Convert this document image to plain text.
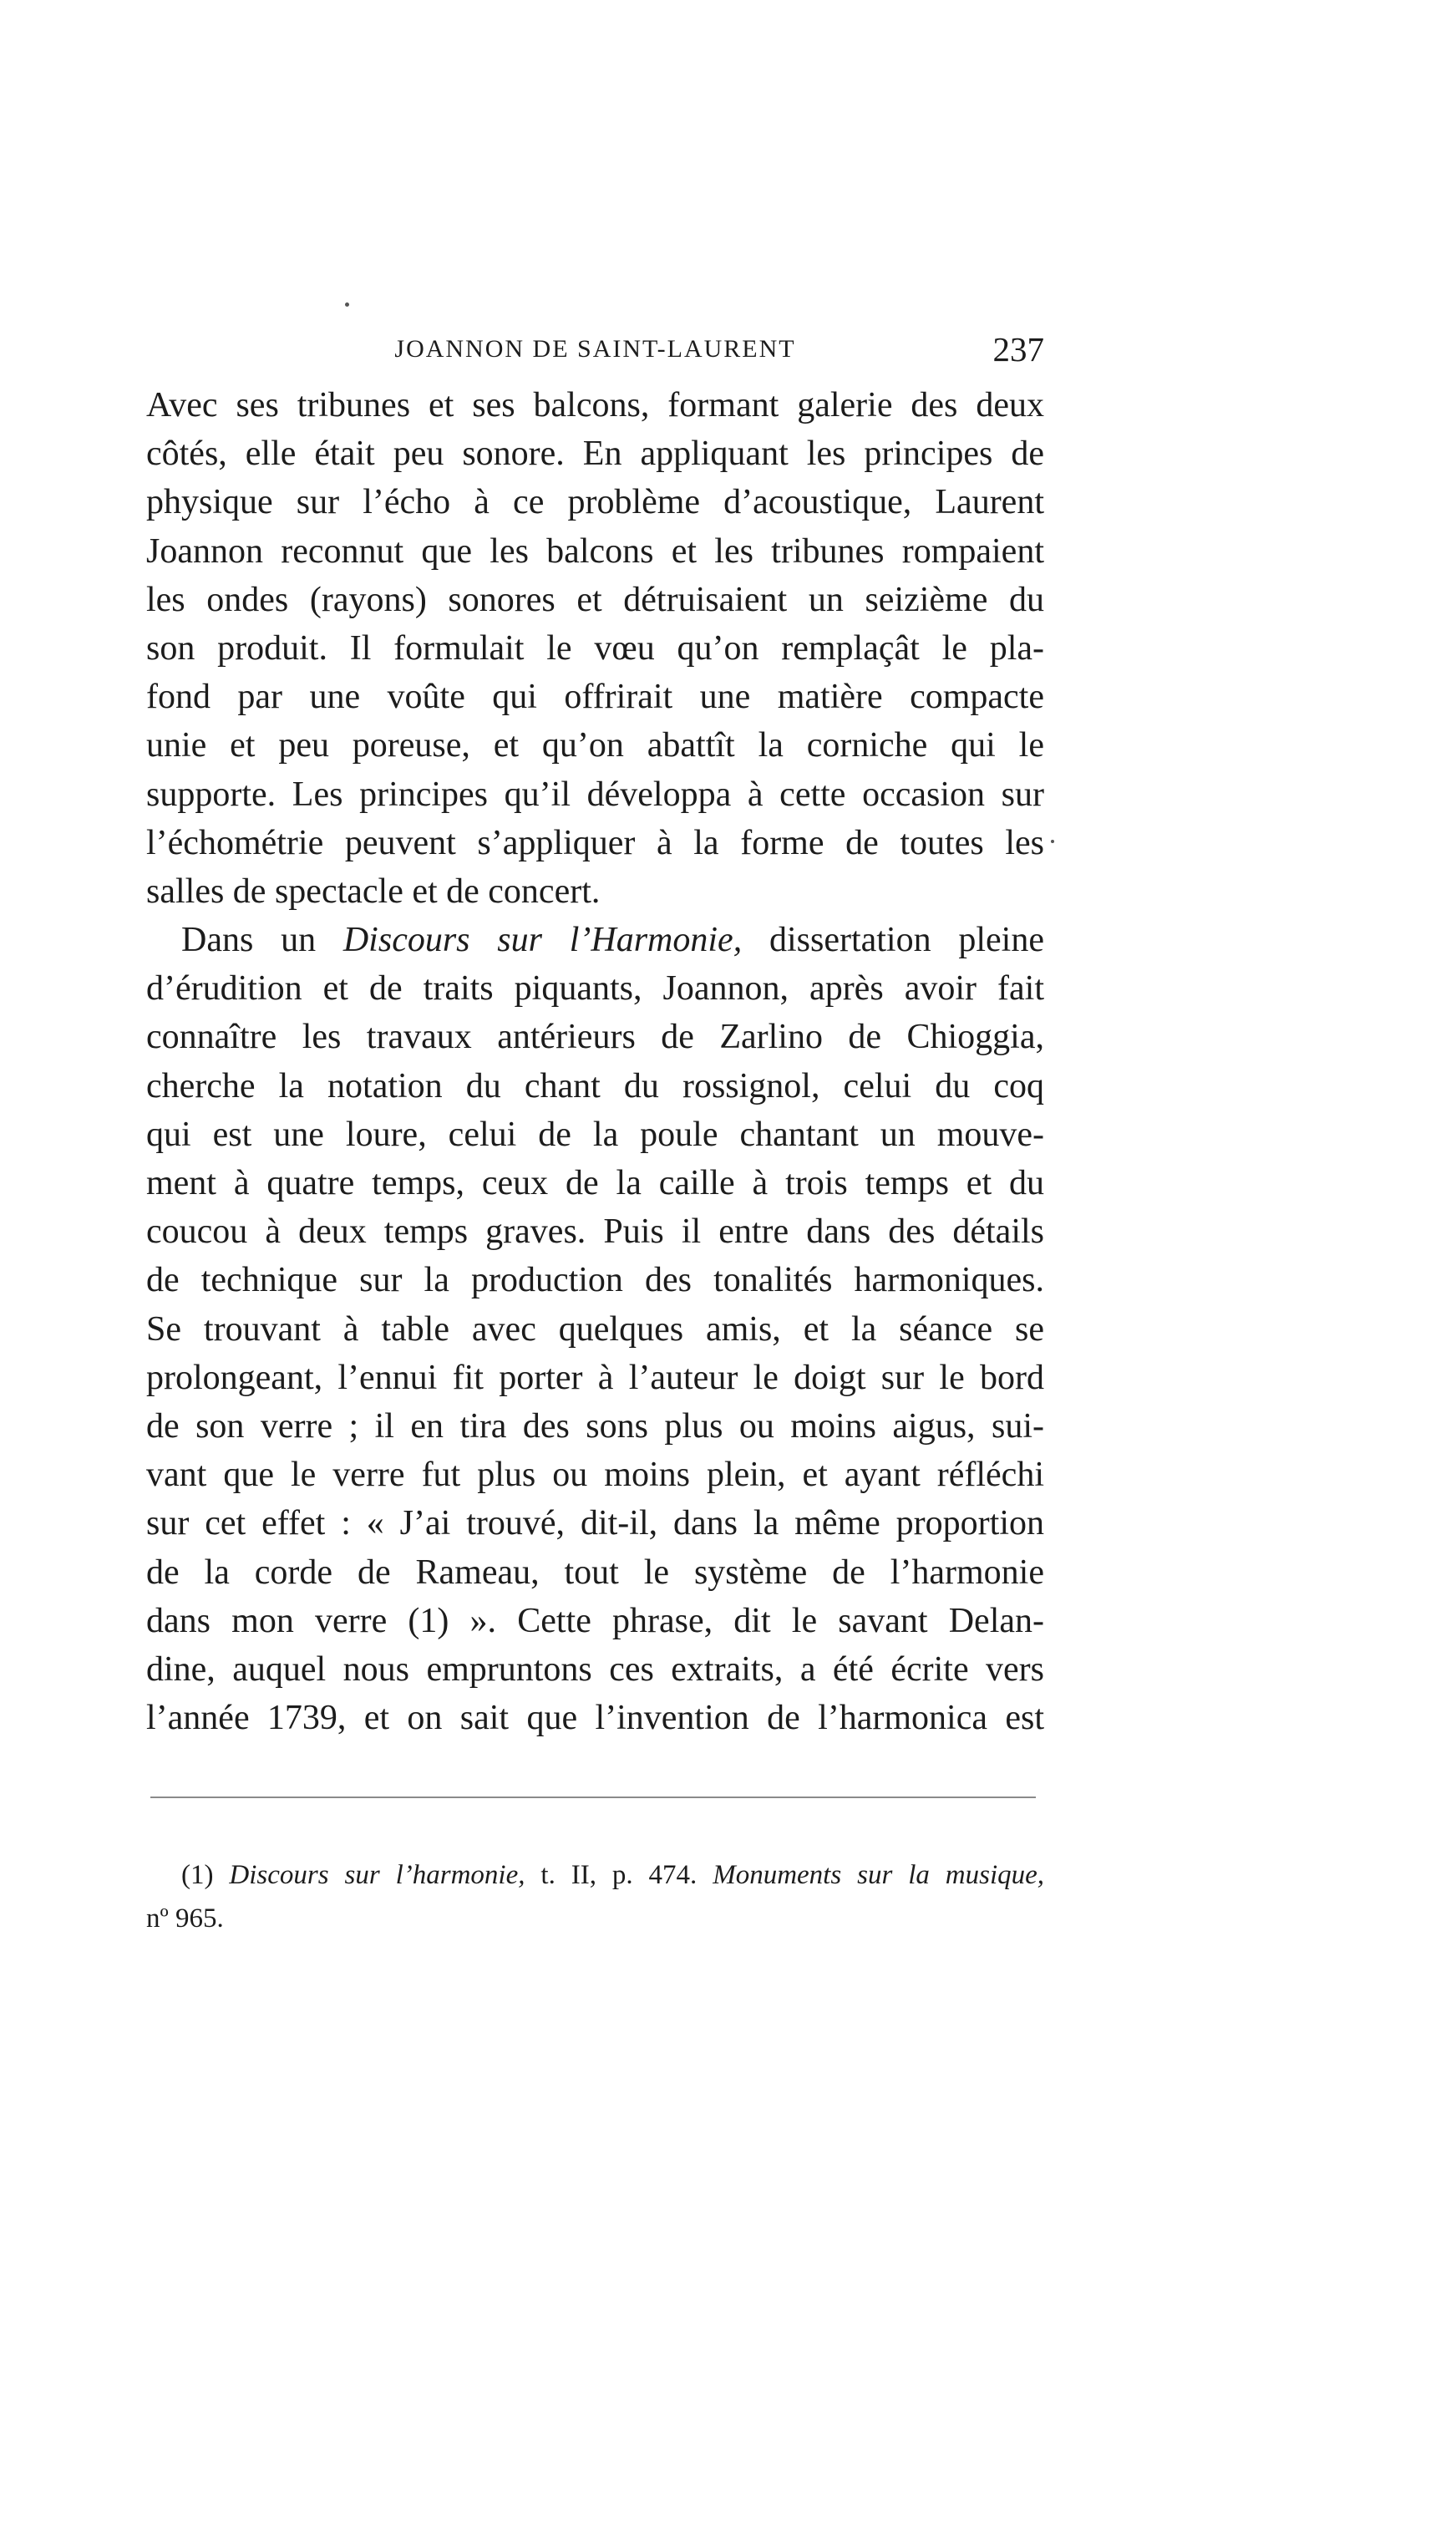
JOANNON DE SAINT-LAURENT	237
Avec ses tribunes et ses balcons, formant galerie des deux
côtés, elle était peu sonore. En appliquant les principes de
physique sur l’écho à ce problème d’acoustique, Laurent
Joannon reconnut que les balcons et les tribunes rompaient
les ondes (rayons) sonores et détruisaient un seizième du
son produit. Il formulait le vœu qu’on remplaçât le pla-
fond par une voûte qui offrirait une matière compacte
unie et peu poreuse, et qu’on abattît la corniche qui le
supporte. Les principes qu’il développa à cette occasion sur
l’échométrie peuvent s’appliquer à la forme de toutes les
salles de spectacle et de concert.
Dans un Discours sur l’Harmonie, dissertation pleine
d’érudition et de traits piquants, Joannon, après avoir fait
connaître les travaux antérieurs de Zarlino de Chioggia,
cherche la notation du chant du rossignol, celui du coq
qui est une loure, celui de la poule chantant un mouve-
ment à quatre temps, ceux de la caille à trois temps et du
coucou à deux temps graves. Puis il entre dans des détails
de technique sur la production des tonalités harmoniques.
Se trouvant à table avec quelques amis, et la séance se
prolongeant, l’ennui fit porter à l’auteur le doigt sur le bord
de son verre ; il en tira des sons plus ou moins aigus, sui-
vant que le verre fut plus ou moins plein, et ayant réfléchi
sur cet effet : « J’ai trouvé, dit-il, dans la même proportion
de la corde de Rameau, tout le système de l’harmonie
dans mon verre (1) ». Cette phrase, dit le savant Delan-
dine, auquel nous empruntons ces extraits, a été écrite vers
l’année 1739, et on sait que l’invention de l’harmonica est
(1) Discours sur l’harmonie, t. II, p. 474. Monuments sur la musique,
nº 965.
